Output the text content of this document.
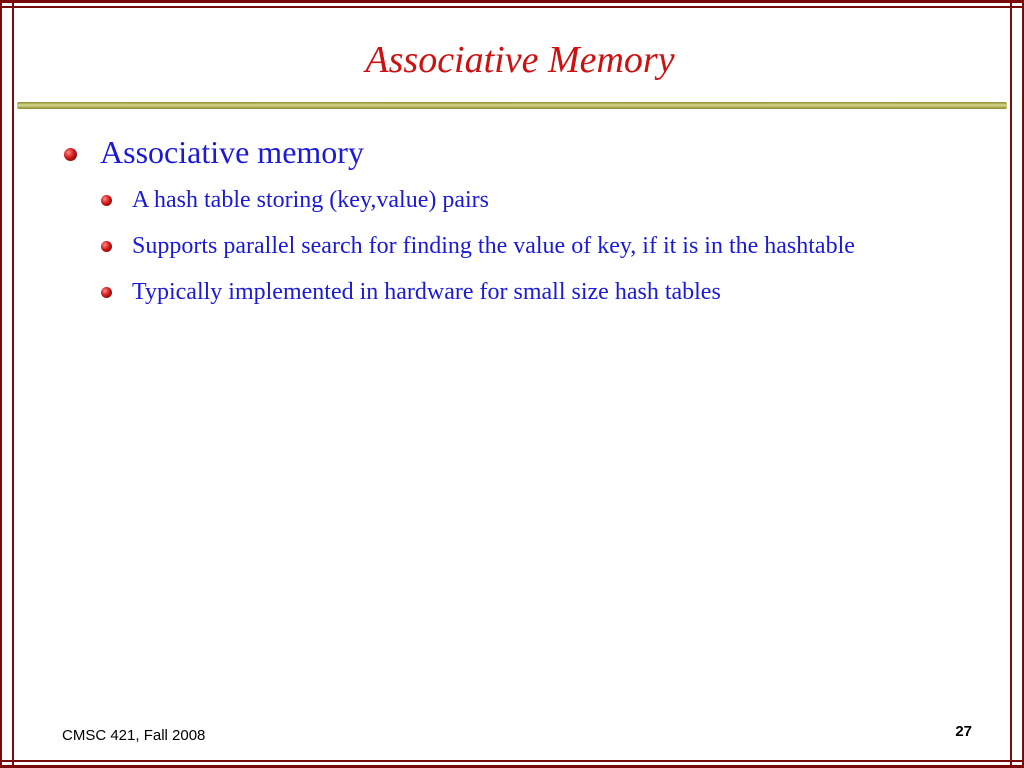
Associative Memory
Associative memory
A hash table storing (key,value) pairs
Supports parallel search for finding the value of key, if it is in the hashtable
Typically implemented in hardware for small size hash tables
CMSC 421, Fall 2008	27
